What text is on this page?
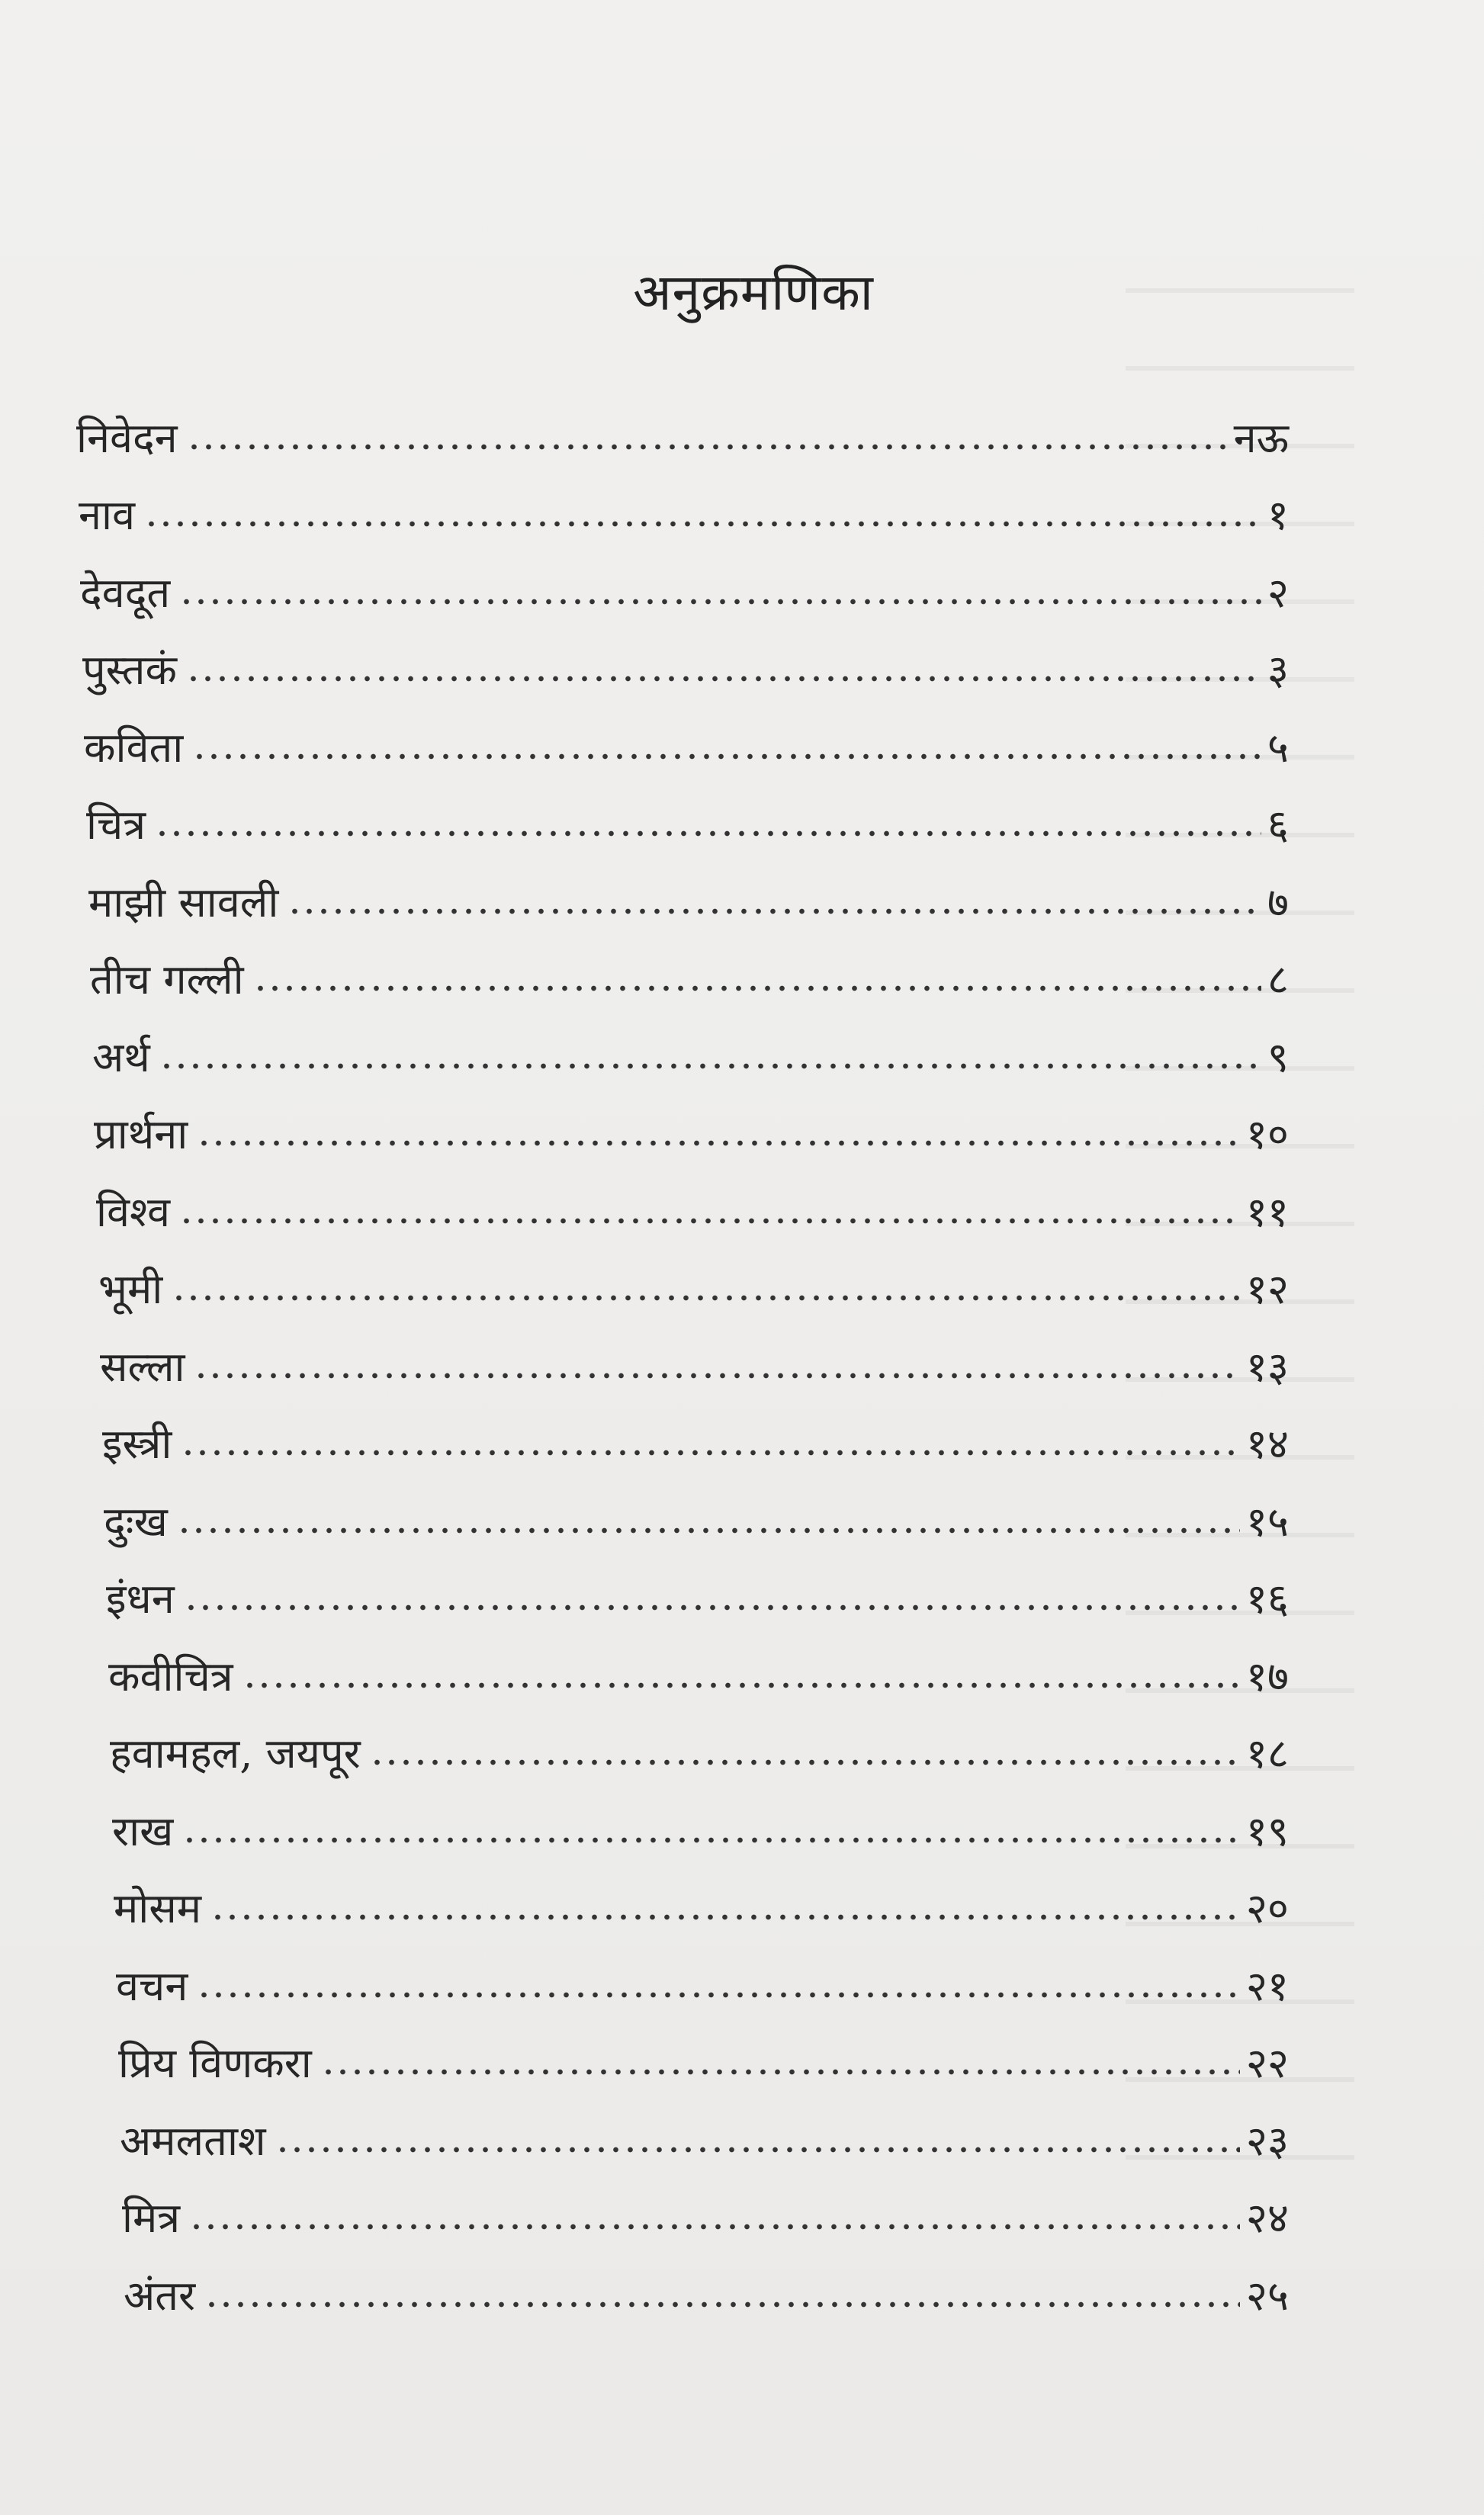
अनुक्रमणिका
निवेदन	नऊ
नाव	१
देवदूत	२
पुस्तकं	३
कविता	५
चित्र	६
माझी सावली	७
तीच गल्ली	८
अर्थ	९
प्रार्थना	१०
विश्व	११
भूमी	१२
सल्ला	१३
इस्त्री	१४
दुःख	१५
इंधन	१६
कवीचित्र	१७
हवामहल, जयपूर	१८
राख	१९
मोसम	२०
वचन	२१
प्रिय विणकरा	२२
अमलताश	२३
मित्र	२४
अंतर	२५
